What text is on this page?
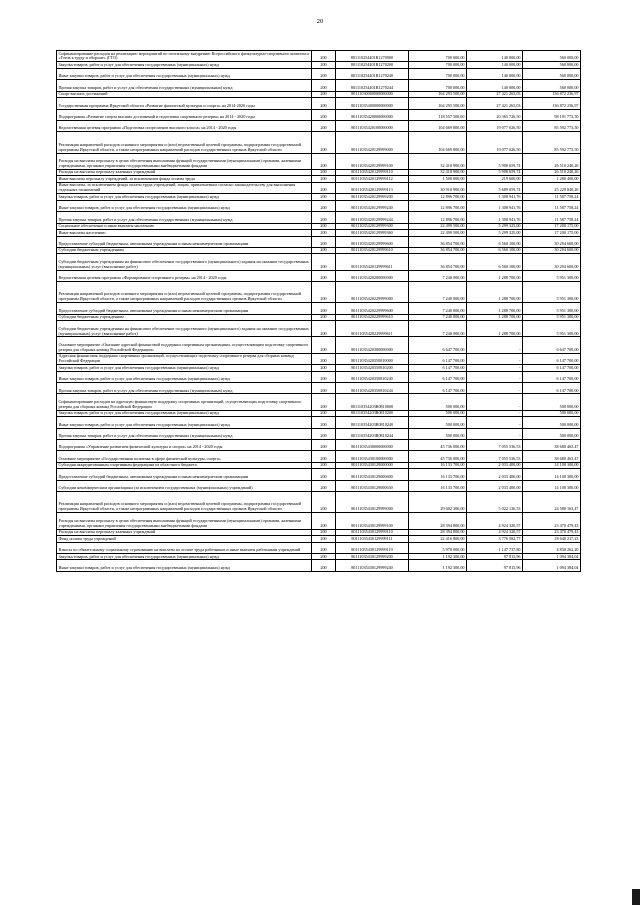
20
Софинансирование расходов на реализацию мероприятий по поэтапному внедрению Всероссийского физкультурно-спортивного комплекса «Готов к труду и обороне» (ГТО)	200	801110254401R1270000	700 000,00	140 000,00	560 000,00
Закупка товаров, работ и услуг для обеспечения государственных (муниципальных) нужд	200	801110254401R1270200	700 000,00	140 000,00	560 000,00
Иные закупки товаров, работ и услуг для обеспечения государственных (муниципальных) нужд	200	801110254401R1270240	700 000,00	140 000,00	560 000,00
Прочая закупка товаров, работ и услуг для обеспечения государственных (муниципальных) нужд	200	801110254401R1270244	700 000,00	140 000,00	560 000,00
Спорт высших достижений	200	80111030000000000000	164 293 500,00	27 421 263,03	136 872 236,97
Государственная программа Иркутской области «Развитие физической культуры и спорта» на 2014-2020 годы	200	80111035400000000000	164 293 500,00	27 421 263,03	136 872 236,97
Подпрограмма «Развитие спорта высших достижений и подготовка спортивного резерва» на 2014 - 2020 годы	200	80111035420000000000	118 557 500,00	20 365 726,50	98 191 773,50
Ведомственная целевая программа «Подготовка спортсменов высокого класса» на 2014 - 2020 годы	200	80111035420100000000	104 669 800,00	19 077 026,50	85 592 773,50
Реализация направлений расходов основного мероприятия и (или) ведомственной целевой программы, подпрограммы государственной программы Иркутской области, а также непрограммных направлений расходов государственных органов Иркутской области	200	80111035420129999000	104 669 800,00	19 077 026,50	85 592 773,50
Расходы на выплаты персоналу в целях обеспечения выполнения функций государственными (муниципальными) органами, казенными учреждениями, органами управления государственными внебюджетными фондами	200	80111035420129999100	32 418 900,00	5 908 659,74	26 510 240,26
Расходы на выплаты персоналу казенных учреждений	200	80111035420129999110	32 418 900,00	5 908 659,74	26 510 240,26
Иные выплаты персоналу учреждений, за исключением фонда оплаты труда	200	80111035420129999112	1 500 000,00	219 600,00	1 280 400,00
Иные выплаты, за исключением фонда оплаты труда учреждений, лицам, привлекаемым согласно законодательству для выполнения отдельных полномочий	200	80111035420129999113	30 918 900,00	5 689 059,74	25 229 840,26
Закупка товаров, работ и услуг для обеспечения государственных (муниципальных) нужд	200	80111035420129999200	12 896 700,00	1 308 941,76	11 587 758,24
Иные закупки товаров, работ и услуг для обеспечения государственных (муниципальных) нужд	200	80111035420129999240	12 896 700,00	1 308 941,76	11 587 758,24
Прочая закупка товаров, работ и услуг для обеспечения государственных (муниципальных) нужд	200	80111035420129999244	12 896 700,00	1 308 941,76	11 587 758,24
Социальное обеспечение и иные выплаты населению	200	80111035420129999300	22 499 500,00	5 299 325,00	17 200 175,00
Иные выплаты населению	200	80111035420129999360	22 499 500,00	5 299 325,00	17 200 175,00
Предоставление субсидий бюджетным, автономным учреждениям и иным некоммерческим организациям	200	80111035420129999600	36 854 700,00	6 560 100,00	30 294 600,00
Субсидии бюджетным учреждениям	200	80111035420129999610	36 854 700,00	6 560 100,00	30 294 600,00
Субсидии бюджетным учреждениям на финансовое обеспечение государственного (муниципального) задания на оказание государственных (муниципальных) услуг (выполнение работ)	200	80111035420129999611	36 854 700,00	6 560 100,00	30 294 600,00
Ведомственная целевая программа «Формирование спортивного резерва» на 2014 - 2020 годы	200	80111035420200000000	7 240 000,00	1 288 700,00	5 951 300,00
Реализация направлений расходов основного мероприятия и (или) ведомственной целевой программы, подпрограммы государственной программы Иркутской области, а также непрограммных направлений расходов государственных органов Иркутской области	200	80111035420229999000	7 240 000,00	1 288 700,00	5 951 300,00
Предоставление субсидий бюджетным, автономным учреждениям и иным некоммерческим организациям	200	80111035420229999600	7 240 000,00	1 288 700,00	5 951 300,00
Субсидии бюджетным учреждениям	200	80111035420229999610	7 240 000,00	1 288 700,00	5 951 300,00
Субсидии бюджетным учреждениям на финансовое обеспечение государственного (муниципального) задания на оказание государственных (муниципальных) услуг (выполнение работ)	200	80111035420229999611	7 240 000,00	1 288 700,00	5 951 300,00
Основное мероприятие «Оказание адресной финансовой поддержки спортивным организациям, осуществляющим подготовку спортивного резерва для сборных команд Российской Федерации»	200	80111035420300000000	6 647 700,00	-	6 647 700,00
Адресная финансовая поддержка спортивных организаций, осуществляющих подготовку спортивного резерва для сборных команд Российской Федерации	200	80111035420350810000	6 147 700,00	-	6 147 700,00
Закупка товаров, работ и услуг для обеспечения государственных (муниципальных) нужд	200	80111035420350810200	6 147 700,00	-	6 147 700,00
Иные закупки товаров, работ и услуг для обеспечения государственных (муниципальных) нужд	200	80111035420350810240	6 147 700,00	-	6 147 700,00
Прочая закупка товаров, работ и услуг для обеспечения государственных (муниципальных) нужд	200	80111035420350810244	6 147 700,00	-	6 147 700,00
Софинансирование расходов на адресную финансовую поддержку спортивных организаций, осуществляющих подготовку спортивного резерва для сборных команд Российской Федерации	200	801110354203R0810000	500 000,00	-	500 000,00
Закупка товаров, работ и услуг для обеспечения государственных (муниципальных) нужд	200	801110354203R0810200	500 000,00	-	500 000,00
Иные закупки товаров, работ и услуг для обеспечения государственных (муниципальных) нужд	200	801110354203R0810240	500 000,00	-	500 000,00
Прочая закупка товаров, работ и услуг для обеспечения государственных (муниципальных) нужд	200	801110354203R0810244	500 000,00	-	500 000,00
Подпрограмма «Управление развитием физической культуры и спорта» на 2014 - 2020 годы	200	80111035430000000000	45 736 000,00	7 055 536,53	38 680 463,47
Основное мероприятие «Государственная политика в сфере физической культуры, спорта»	200	80111035430100000000	45 736 000,00	7 055 536,53	38 680 463,47
Субсидия аккредитованным спортивным федерациям из областного бюджета	200	80111035430129000000	16 133 700,00	2 033 400,00	14 100 300,00
Предоставление субсидий бюджетным, автономным учреждениям и иным некоммерческим организациям	200	80111035430129000600	16 133 700,00	2 033 400,00	14 100 300,00
Субсидии некоммерческим организациям (за исключением государственных (муниципальных) учреждений)	200	80111035430129000630	16 133 700,00	2 033 400,00	14 100 300,00
Реализация направлений расходов основного мероприятия и (или) ведомственной целевой программы, подпрограммы государственной программы Иркутской области, а также непрограммных направлений расходов государственных органов Иркутской области	200	80111035430129999000	29 602 300,00	5 022 136,53	24 580 163,47
Расходы на выплаты персоналу в целях обеспечения выполнения функций государственными (муниципальными) органами, казенными учреждениями, органами управления государственными внебюджетными фондами	200	80111035430129999100	28 394 800,00	4 924 320,57	23 470 479,43
Расходы на выплаты персоналу казенных учреждений	200	80111035430129999110	28 394 800,00	4 924 320,57	23 470 479,43
Фонд оплаты труда учреждений	200	80111035430129999111	22 416 800,00	3 776 582,77	18 640 217,23
Взносы по обязательному социальному страхованию на выплаты по оплате труда работников и иные выплаты работникам учреждений	200	80111035430129999119	5 978 000,00	1 147 737,80	4 830 262,20
Закупка товаров, работ и услуг для обеспечения государственных (муниципальных) нужд	200	80111035430129999200	1 192 300,00	97 815,96	1 094 384,04
Иные закупки товаров, работ и услуг для обеспечения государственных (муниципальных) нужд	200	80111035430129999240	1 192 300,00	97 815,96	1 094 384,04
